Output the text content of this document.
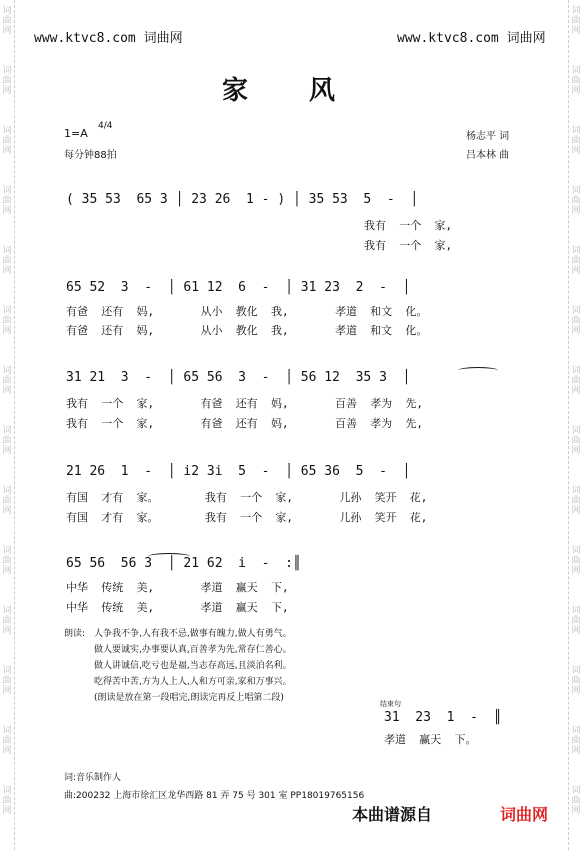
词曲网
词曲网
词曲网
词曲网
词曲网
词曲网
词曲网
词曲网
词曲网
词曲网
词曲网
词曲网
词曲网
词曲网
词曲网
词曲网
词曲网
词曲网
词曲网
词曲网
词曲网
词曲网
词曲网
词曲网
词曲网
词曲网
词曲网
词曲网
www.ktvc8.com 词曲网	www.ktvc8.com 词曲网
家 风
1=A
4/4
每分钟88拍
杨志平 词
吕本林 曲
( 35 53  65 3 │ 23 26  1 - ) │ 35 53  5  -  │
我有  一个  家,
我有  一个  家,
65 52  3  -  │ 61 12  6  -  │ 31 23  2  -  │
有爸  还有  妈,       从小  教化  我,       孝道  和文  化。
有爸  还有  妈,       从小  教化  我,       孝道  和文  化。
31 21  3  -  │ 65 56  3  -  │ 56 12  35 3  │
我有  一个  家,       有爸  还有  妈,       百善  孝为  先,
我有  一个  家,       有爸  还有  妈,       百善  孝为  先,
21 26  1  -  │ i2 3i  5  -  │ 65 36  5  -  │
有国  才有  家。       我有  一个  家,       儿孙  笑开  花,
有国  才有  家。       我有  一个  家,       儿孙  笑开  花,
65 56  56 3  │ 21 62  i  -  :║
中华  传统  美,       孝道  赢天  下,
中华  传统  美,       孝道  赢天  下,
朗读: 人争我不争,人有我不忌,做事有魄力,做人有勇气。
做人要诚实,办事要认真,百善孝为先,常存仁善心。
做人讲诚信,吃亏也是福,当志存高远,且淡泊名利。
吃得苦中苦,方为人上人,人和方可亲,家和万事兴。
(朗读是放在第一段唱完,朗读完再反上唱第二段)
结束句
31  23  1  -  ║
孝道  赢天  下。
词:音乐制作人
曲:200232 上海市徐汇区龙华西路 81 弄 75 号 301 室 PP18019765156
本曲谱源自	词曲网
